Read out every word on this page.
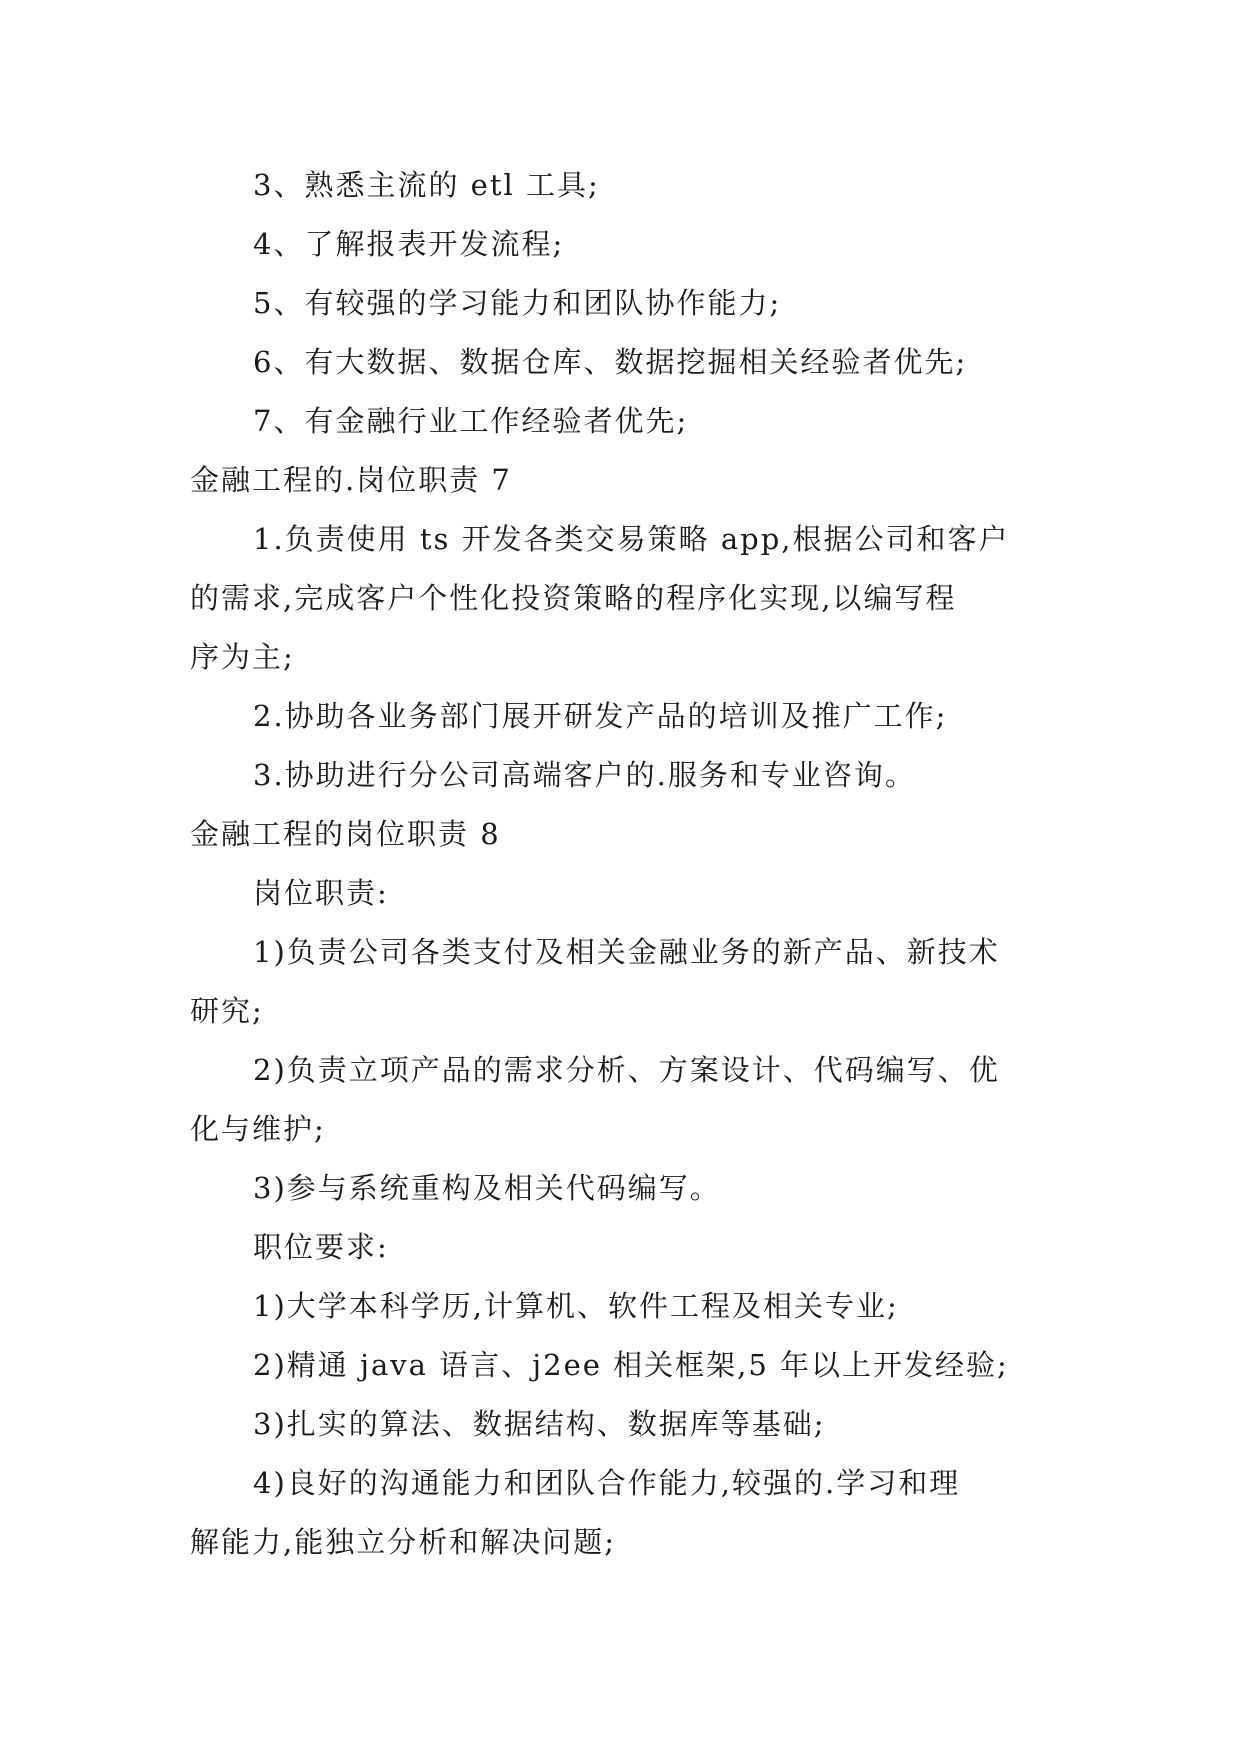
3、熟悉主流的 etl 工具;
4、了解报表开发流程;
5、有较强的学习能力和团队协作能力;
6、有大数据、数据仓库、数据挖掘相关经验者优先;
7、有金融行业工作经验者优先;
金融工程的.岗位职责 7
1.负责使用 ts 开发各类交易策略 app,根据公司和客户
的需求,完成客户个性化投资策略的程序化实现,以编写程
序为主;
2.协助各业务部门展开研发产品的培训及推广工作;
3.协助进行分公司高端客户的.服务和专业咨询。
金融工程的岗位职责 8
岗位职责:
1)负责公司各类支付及相关金融业务的新产品、新技术
研究;
2)负责立项产品的需求分析、方案设计、代码编写、优
化与维护;
3)参与系统重构及相关代码编写。
职位要求:
1)大学本科学历,计算机、软件工程及相关专业;
2)精通 java 语言、j2ee 相关框架,5 年以上开发经验;
3)扎实的算法、数据结构、数据库等基础;
4)良好的沟通能力和团队合作能力,较强的.学习和理
解能力,能独立分析和解决问题;
